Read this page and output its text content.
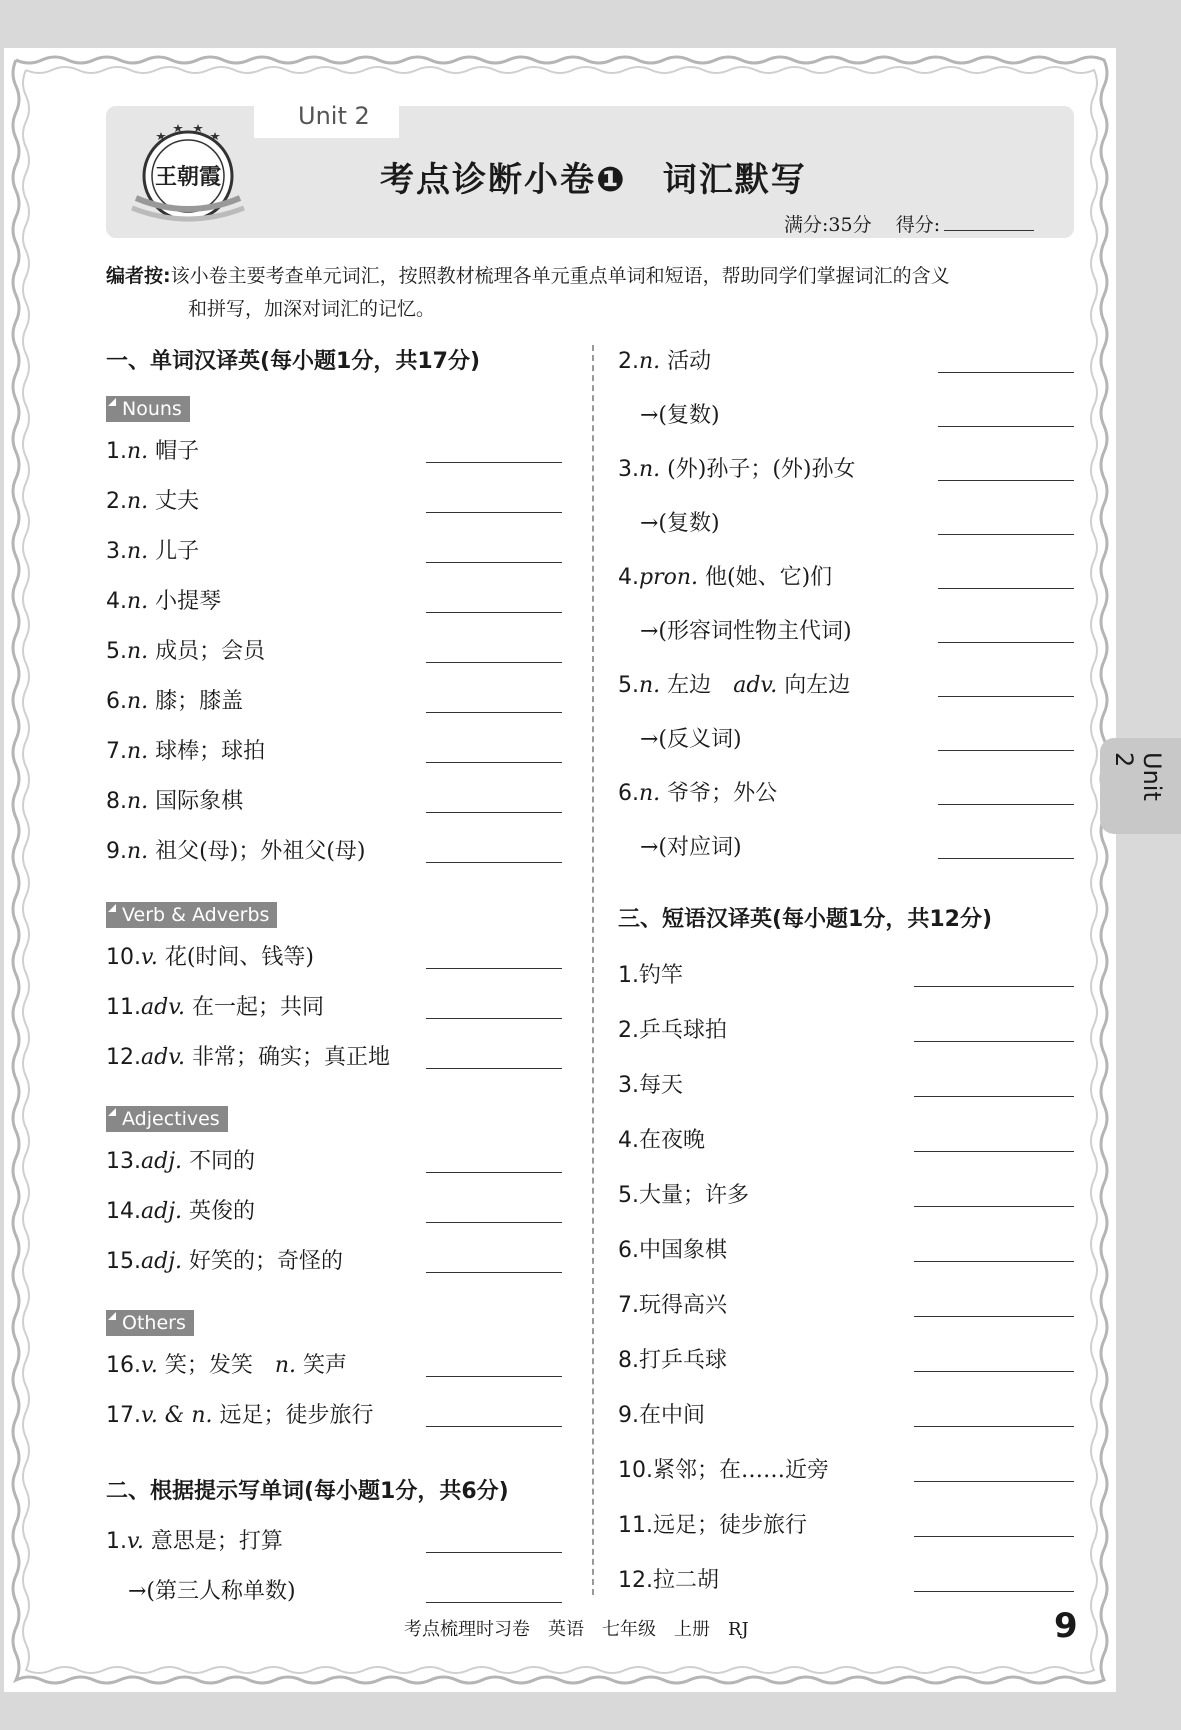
王朝霞
Unit 2
考点诊断小卷❶　词汇默写
满分:35分 得分:
编者按:该小卷主要考查单元词汇，按照教材梳理各单元重点单词和短语，帮助同学们掌握词汇的含义
和拼写，加深对词汇的记忆。
一、单词汉译英(每小题1分，共17分)
Nouns
1.n. 帽子
2.n. 丈夫
3.n. 儿子
4.n. 小提琴
5.n. 成员；会员
6.n. 膝；膝盖
7.n. 球棒；球拍
8.n. 国际象棋
9.n. 祖父(母)；外祖父(母)
10.v. 花(时间、钱等)
11.adv. 在一起；共同
12.adv. 非常；确实；真正地
13.adj. 不同的
14.adj. 英俊的
15.adj. 好笑的；奇怪的
16.v. 笑；发笑　 n. 笑声
17.v. & n. 远足；徒步旅行
Verb & Adverbs
Adjectives
Others
二、根据提示写单词(每小题1分，共6分)
1.v. 意思是；打算
→(第三人称单数)
2.n. 活动
→(复数)
3.n. (外)孙子；(外)孙女
→(复数)
4.pron. 他(她、它)们
→(形容词性物主代词)
5.n. 左边　 adv. 向左边
→(反义词)
6.n. 爷爷；外公
→(对应词)
三、短语汉译英(每小题1分，共12分)
1.钓竿
2.乒乓球拍
3.每天
4.在夜晚
5.大量；许多
6.中国象棋
7.玩得高兴
8.打乒乓球
9.在中间
10.紧邻；在……近旁
11.远足；徒步旅行
12.拉二胡
Unit 2
考点梳理时习卷　英语　七年级　上册　RJ	9
